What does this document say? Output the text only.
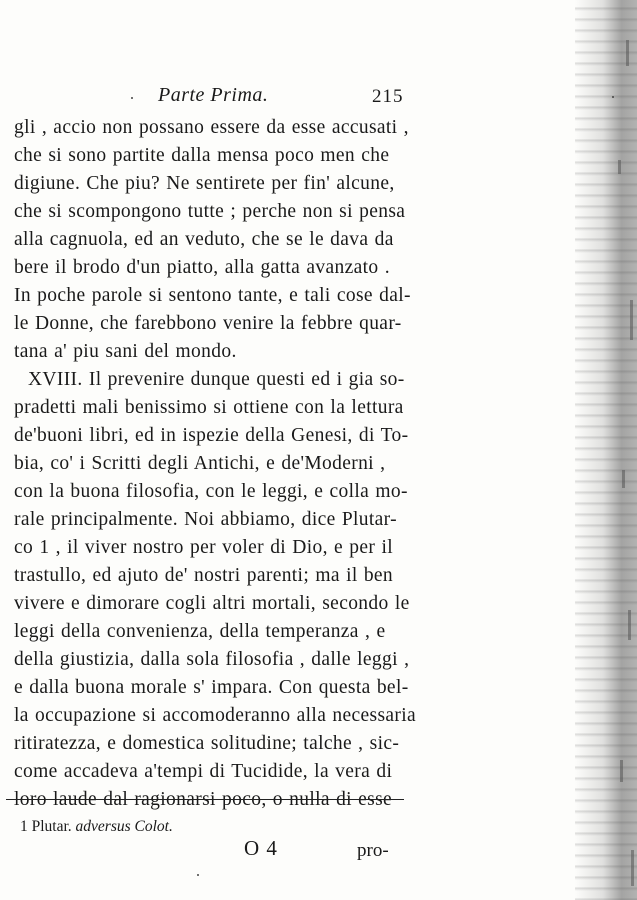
Parte Prima.	215
gli , accio non possano essere da esse accusati ,
che si sono partite dalla mensa poco men che
digiune. Che piu? Ne sentirete per fin' alcune,
che si scompongono tutte ; perche non si pensa
alla cagnuola, ed an veduto, che se le dava da
bere il brodo d'un piatto, alla gatta avanzato .
In poche parole si sentono tante, e tali cose dal-
le Donne, che farebbono venire la febbre quar-
tana a' piu sani del mondo.
XVIII. Il prevenire dunque questi ed i gia so-
pradetti mali benissimo si ottiene con la lettura
de'buoni libri, ed in ispezie della Genesi, di To-
bia, co' i Scritti degli Antichi, e de'Moderni ,
con la buona filosofia, con le leggi, e colla mo-
rale principalmente. Noi abbiamo, dice Plutar-
co 1 , il viver nostro per voler di Dio, e per il
trastullo, ed ajuto de' nostri parenti; ma il ben
vivere e dimorare cogli altri mortali, secondo le
leggi della convenienza, della temperanza , e
della giustizia, dalla sola filosofia , dalle leggi ,
e dalla buona morale s' impara. Con questa bel-
la occupazione si accomoderanno alla necessaria
ritiratezza, e domestica solitudine; talche , sic-
come accadeva a'tempi di Tucidide, la vera di
loro laude dal ragionarsi poco, o nulla di esse
1 Plutar. adversus Colot.
O 4	pro-
